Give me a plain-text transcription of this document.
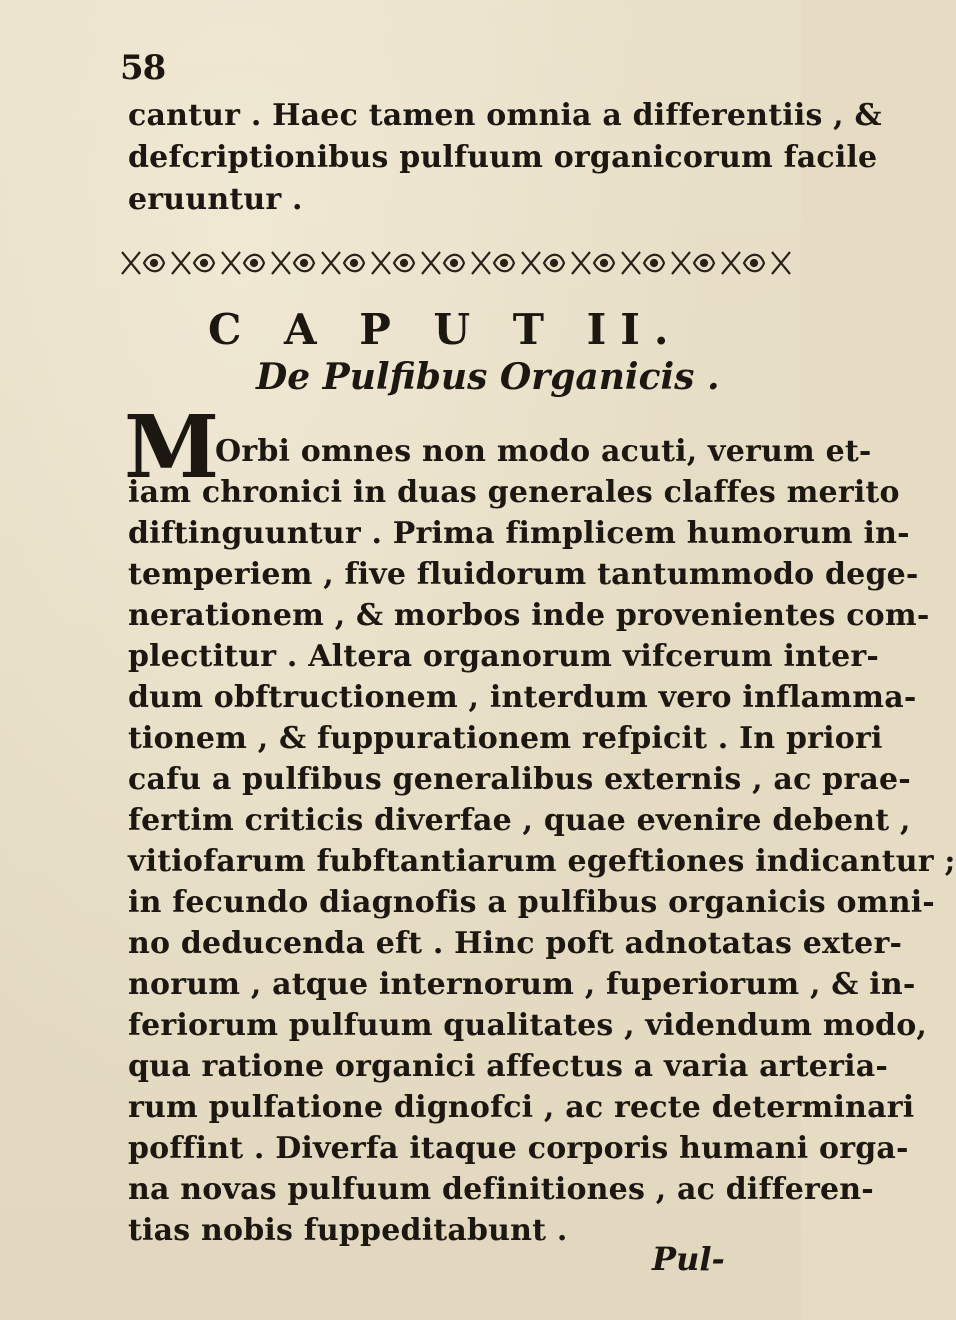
58
cantur . Haec tamen omnia a differentiis , &
defcriptionibus pulfuum organicorum facile
eruuntur .
C A P U T II.
De Pulfibus Organicis .
M
Orbi omnes non modo acuti, verum et-
iam chronici in duas generales claffes merito
diftinguuntur . Prima fimplicem humorum in-
temperiem , five fluidorum tantummodo dege-
nerationem , & morbos inde provenientes com-
plectitur . Altera organorum vifcerum inter-
dum obftructionem , interdum vero inflamma-
tionem , & fuppurationem refpicit . In priori
cafu a pulfibus generalibus externis , ac prae-
fertim criticis diverfae , quae evenire debent ,
vitiofarum fubftantiarum egeftiones indicantur ;
in fecundo diagnofis a pulfibus organicis omni-
no deducenda eft . Hinc poft adnotatas exter-
norum , atque internorum , fuperiorum , & in-
feriorum pulfuum qualitates , videndum modo,
qua ratione organici affectus a varia arteria-
rum pulfatione dignofci , ac recte determinari
poffint . Diverfa itaque corporis humani orga-
na novas pulfuum definitiones , ac differen-
tias nobis fuppeditabunt .
Pul-
